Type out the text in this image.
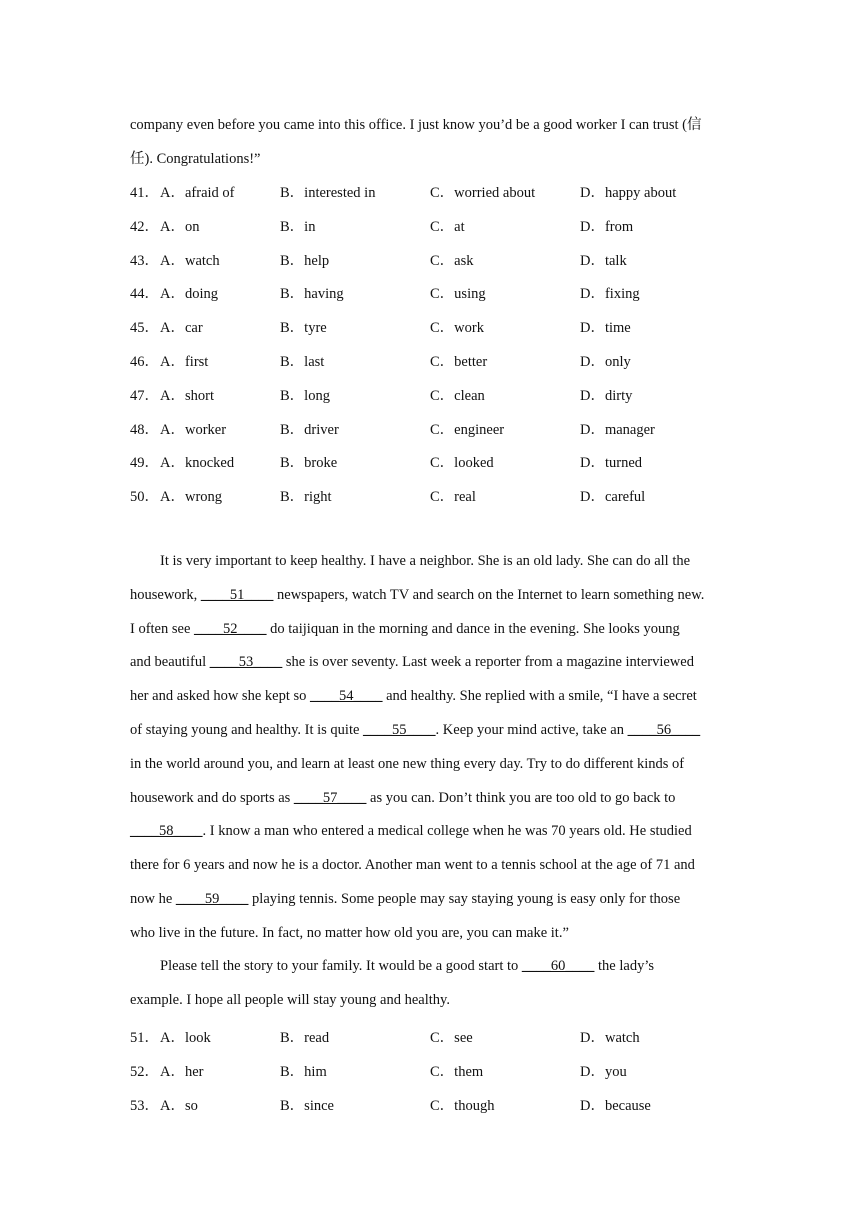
company even before you came into this office. I just know you’d be a good worker I can trust (信
任). Congratulations!”
41． A．afraid of	B．interested in	C．worried about	D．happy about
42． A．on	B．in	C．at	D．from
43． A．watch	B．help	C．ask	D．talk
44． A．doing	B．having	C．using	D．fixing
45． A．car	B．tyre	C．work	D．time
46． A．first	B．last	C．better	D．only
47． A．short	B．long	C．clean	D．dirty
48． A．worker	B．driver	C．engineer	D．manager
49． A．knocked	B．broke	C．looked	D．turned
50． A．wrong	B．right	C．real	D．careful
It is very important to keep healthy. I have a neighbor. She is an old lady. She can do all the
housework, ____51____ newspapers, watch TV and search on the Internet to learn something new.
I often see ____52____ do taijiquan in the morning and dance in the evening. She looks young
and beautiful ____53____ she is over seventy. Last week a reporter from a magazine interviewed
her and asked how she kept so ____54____ and healthy. She replied with a smile, “I have a secret
of staying young and healthy. It is quite ____55____. Keep your mind active, take an ____56____
in the world around you, and learn at least one new thing every day. Try to do different kinds of
housework and do sports as ____57____ as you can. Don’t think you are too old to go back to
____58____. I know a man who entered a medical college when he was 70 years old. He studied
there for 6 years and now he is a doctor. Another man went to a tennis school at the age of 71 and
now he ____59____ playing tennis. Some people may say staying young is easy only for those
who live in the future. In fact, no matter how old you are, you can make it.”
Please tell the story to your family. It would be a good start to ____60____ the lady’s
example. I hope all people will stay young and healthy.
51． A．look	B．read	C．see	D．watch
52． A．her	B．him	C．them	D．you
53． A．so	B．since	C．though	D．because
